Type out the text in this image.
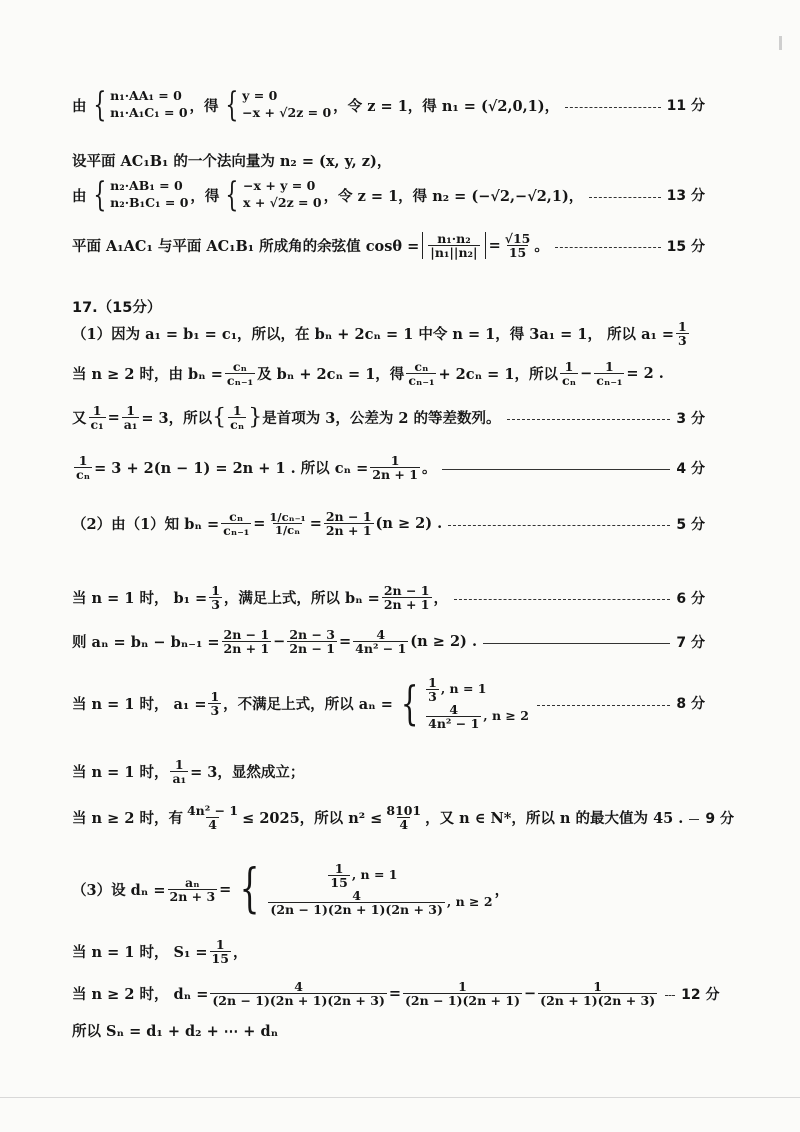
由 { n₁·AA₁ = 0
n₁·A₁C₁ = 0 ，得 { y = 0
−x + √2z = 0 ，令 z = 1，得 n₁ = (√2,0,1)，	11 分
设平面 AC₁B₁ 的一个法向量为 n₂ = (x, y, z)，
由 { n₂·AB₁ = 0
n₂·B₁C₁ = 0 ，得 { −x + y = 0
x + √2z = 0 ，令 z = 1，得 n₂ = (−√2,−√2,1)，	13 分
平面 A₁AC₁ 与平面 AC₁B₁ 所成角的余弦值 $\cos\theta = \frac{\text{n₁·n₂}}{\text{|n₁||n₂|}} = \frac{√15}{15}$ 。	15 分
17.（15分）
（1）因为 a₁ = b₁ = c₁，所以，在 bₙ + 2cₙ = 1 中令 n = 1，得 3a₁ = 1， 所以 $a_1 = \frac{1}{3}$
当 n ≥ 2 时，由 $b_n = \frac{\text{cₙ}}{\text{cₙ₋₁}}$ 及 bₙ + 2cₙ = 1，得 $\frac{\text{cₙ}}{\text{cₙ₋₁}} + 2c_n = 1$，所以 $\frac{1}{\text{cₙ}} - \frac{1}{\text{cₙ₋₁}} = 2$ .
又 $\frac{1}{\text{c₁}} = \frac{1}{\text{a₁}} = 3$，所以 { $\frac{1}{\text{cₙ}}$ } 是首项为 3，公差为 2 的等差数列。	3 分
$\frac{1}{\text{cₙ}} = 3 + 2(n - 1) = 2n + 1$ . 所以 $c_n = \frac{1}{2n + 1}$ 。	4 分
（2）由（1）知 $b_n = \frac{\text{cₙ}}{\text{cₙ₋₁}} = \frac{\text{1/cₙ₋₁}}{\text{1/cₙ}} = \frac{2n - 1}{2n + 1} (n \ge 2)$ .	5 分
当 n = 1 时， $b_1 = \frac{1}{3}$ ，满足上式，所以 $b_n = \frac{2n - 1}{2n + 1}$ ，	6 分
则 $a_n = b_n - b_{n-1} = \frac{2n - 1}{2n + 1} - \frac{2n - 3}{2n - 1} = \frac{4}{\text{4n² − 1}} (n \ge 2)$ .	7 分
当 n = 1 时， $a_1 = \frac{1}{3}$ ，不满足上式，所以 aₙ = { $\frac{1}{3}$ , n = 1
$\frac{4}{\text{4n² − 1}}$ , n ≥ 2
8 分
当 n = 1 时， $\frac{1}{\text{a₁}} = 3$，显然成立；
当 n ≥ 2 时，有 $\frac{\text{4n² − 1}}{4} \le 2025$，所以 $n^2 \le \frac{8101}{4}$ ，又 n ∈ N*，所以 n 的最大值为 45 . 9 分
（3）设 $d_n = \frac{\text{aₙ}}{2n + 3}$ = {	$\frac{1}{15}$ , n = 1
$\frac{4}{(2n - 1)(2n + 1)(2n + 3)}$ , n ≥ 2
，
当 n = 1 时， $S_1 = \frac{1}{15}$ ，
当 n ≥ 2 时， $d_n = \frac{4}{(2n - 1)(2n + 1)(2n + 3)} = \frac{1}{(2n - 1)(2n + 1)} - \frac{1}{(2n + 1)(2n + 3)} 12$ 分
所以 Sₙ = d₁ + d₂ + ⋯ + dₙ
